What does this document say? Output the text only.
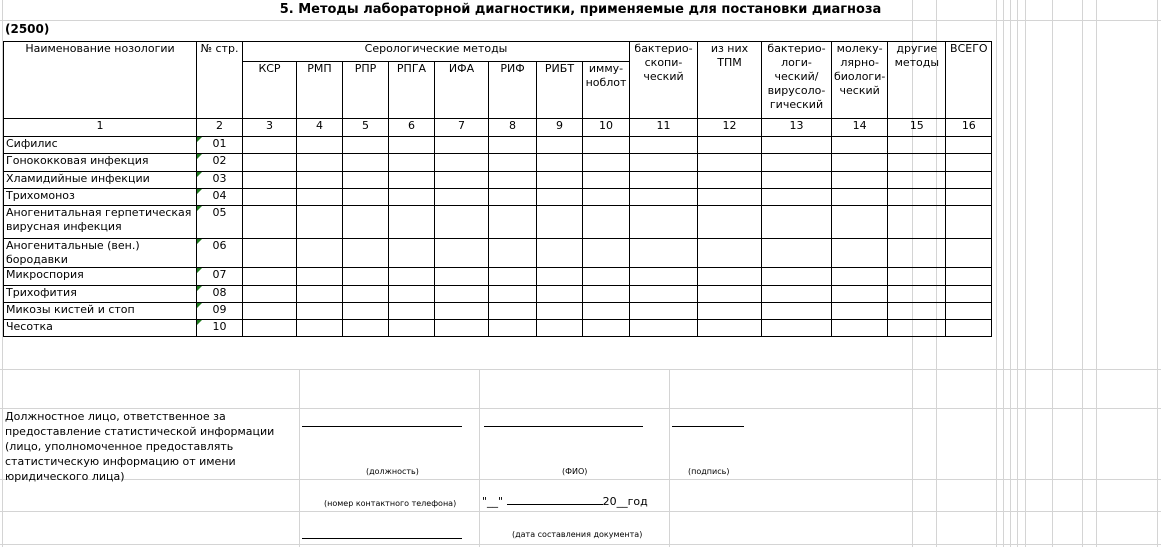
5. Методы лабораторной диагностики, применяемые для постановки диагноза
(2500)
Наименование нозологии	№ стр.	Серологические методы								бактерио-скопи-ческий	из них ТПМ	бактерио-логи-ческий/ вирусоло-гический	молеку-лярно-биологи-ческий	другие методы	ВСЕГО
		КСР	РМП	РПР	РПГА	ИФА	РИФ	РИБТ	имму-ноблот						
1	2	3	4	5	6	7	8	9	10	11	12	13	14	15	16
Сифилис	01														
Гонококковая инфекция	02														
Хламидийные инфекции	03														
Трихомоноз	04														
Аногенитальная герпетическая вирусная инфекция	05														
Аногенитальные (вен.) бородавки	06														
Микроспория	07														
Трихофития	08														
Микозы кистей и стоп	09														
Чесотка	10														
Должностное лицо, ответственное за предоставление статистической информации (лицо, уполномоченное предоставлять статистическую информацию от имени юридического лица)	(должность)	(ФИО)	(подпись)
(номер контактного телефона) "__"	20__год
(дата составления документа)
